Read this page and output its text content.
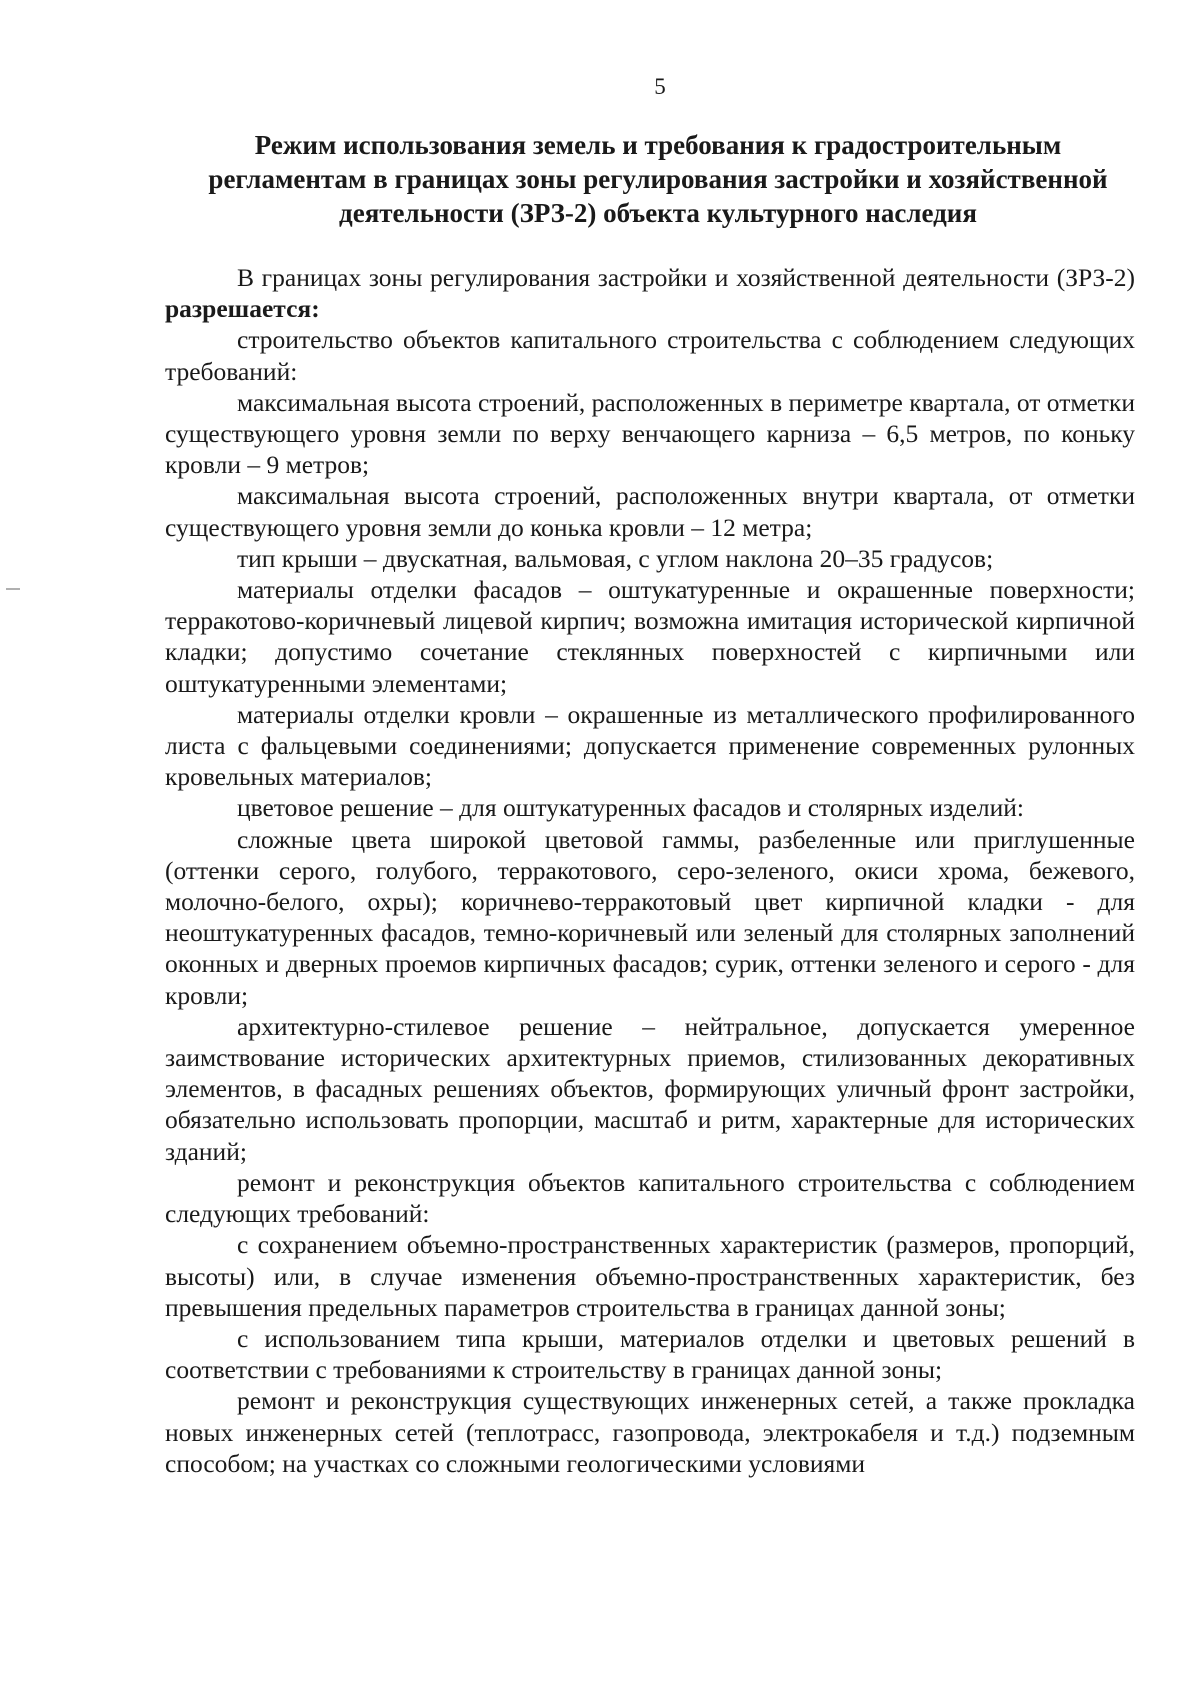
5
Режим использования земель и требования к градостроительным
регламентам в границах зоны регулирования застройки и хозяйственной
деятельности (ЗРЗ-2) объекта культурного наследия

В границах зоны регулирования застройки и хозяйственной деятельности (ЗРЗ-2) разрешается:

строительство объектов капитального строительства с соблюдением следующих требований:

максимальная высота строений, расположенных в периметре квартала, от отметки существующего уровня земли по верху венчающего карниза – 6,5 метров, по коньку кровли – 9 метров;

максимальная высота строений, расположенных внутри квартала, от отметки существующего уровня земли до конька кровли – 12 метра;

тип крыши – двускатная, вальмовая, с углом наклона 20–35 градусов;

материалы отделки фасадов – оштукатуренные и окрашенные поверхности; терракотово-коричневый лицевой кирпич; возможна имитация исторической кирпичной кладки; допустимо сочетание стеклянных поверхностей с кирпичными или оштукатуренными элементами;

материалы отделки кровли – окрашенные из металлического профилированного листа с фальцевыми соединениями; допускается применение современных рулонных кровельных материалов;

цветовое решение – для оштукатуренных фасадов и столярных изделий:

сложные цвета широкой цветовой гаммы, разбеленные или приглушенные (оттенки серого, голубого, терракотового, серо-зеленого, окиси хрома, бежевого, молочно-белого, охры); коричнево-терракотовый цвет кирпичной кладки - для неоштукатуренных фасадов, темно-коричневый или зеленый для столярных заполнений оконных и дверных проемов кирпичных фасадов; сурик, оттенки зеленого и серого - для кровли;

архитектурно-стилевое решение – нейтральное, допускается умеренное заимствование исторических архитектурных приемов, стилизованных декоративных элементов, в фасадных решениях объектов, формирующих уличный фронт застройки, обязательно использовать пропорции, масштаб и ритм, характерные для исторических зданий;

ремонт и реконструкция объектов капитального строительства с соблюдением следующих требований:

с сохранением объемно-пространственных характеристик (размеров, пропорций, высоты) или, в случае изменения объемно-пространственных характеристик, без превышения предельных параметров строительства в границах данной зоны;

с использованием типа крыши, материалов отделки и цветовых решений в соответствии с требованиями к строительству в границах данной зоны;

ремонт и реконструкция существующих инженерных сетей, а также прокладка новых инженерных сетей (теплотрасс, газопровода, электрокабеля и т.д.) подземным способом; на участках со сложными геологическими условиями
